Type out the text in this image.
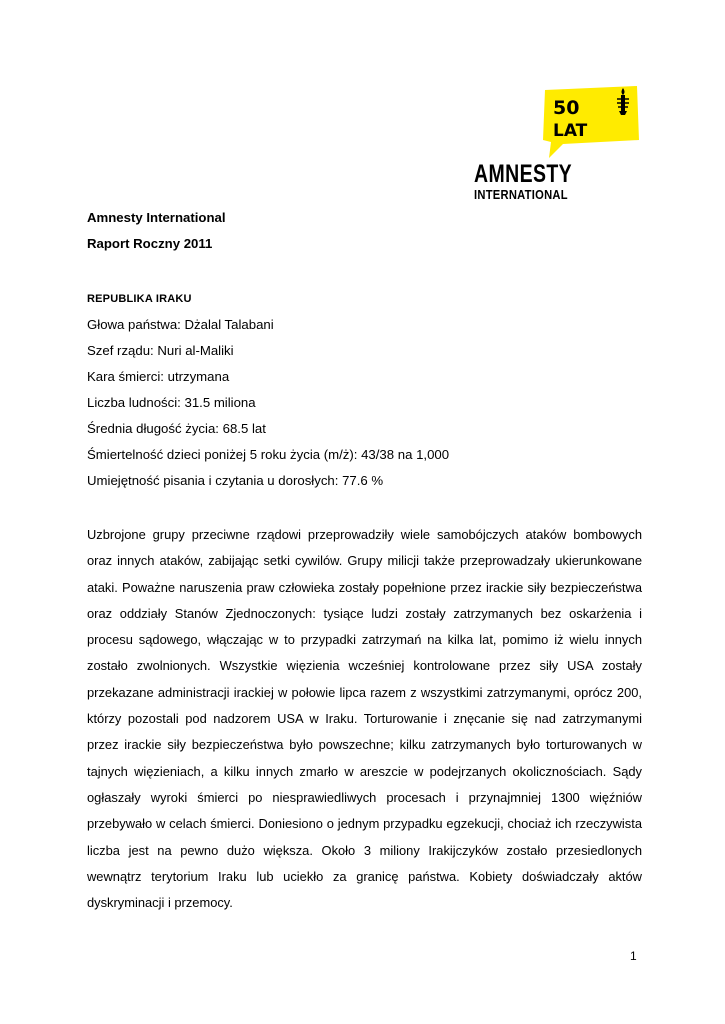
50
LAT
AMNESTY
INTERNATIONAL
Amnesty International
Raport Roczny 2011
REPUBLIKA IRAKU
Głowa państwa: Dżalal Talabani
Szef rządu: Nuri al-Maliki
Kara śmierci: utrzymana
Liczba ludności: 31.5 miliona
Średnia długość życia: 68.5 lat
Śmiertelność dzieci poniżej 5 roku życia (m/ż): 43/38 na 1,000
Umiejętność pisania i czytania u dorosłych: 77.6 %
Uzbrojone grupy przeciwne rządowi przeprowadziły wiele samobójczych ataków bombowych oraz innych ataków, zabijając setki cywilów. Grupy milicji także przeprowadzały ukierunkowane ataki. Poważne naruszenia praw człowieka zostały popełnione przez irackie siły bezpieczeństwa oraz oddziały Stanów Zjednoczonych: tysiące ludzi zostały zatrzymanych bez oskarżenia i procesu sądowego, włączając w to przypadki zatrzymań na kilka lat, pomimo iż wielu innych zostało zwolnionych. Wszystkie więzienia wcześniej kontrolowane przez siły USA zostały przekazane administracji irackiej w połowie lipca razem z wszystkimi zatrzymanymi, oprócz 200, którzy pozostali pod nadzorem USA w Iraku. Torturowanie i znęcanie się nad zatrzymanymi przez irackie siły bezpieczeństwa było powszechne; kilku zatrzymanych było torturowanych w tajnych więzieniach, a kilku innych zmarło w areszcie w podejrzanych okolicznościach. Sądy ogłaszały wyroki śmierci po niesprawiedliwych procesach i przynajmniej 1300 więźniów przebywało w celach śmierci. Doniesiono o jednym przypadku egzekucji, chociaż ich rzeczywista liczba jest na pewno dużo większa. Około 3 miliony Irakijczyków zostało przesiedlonych wewnątrz terytorium Iraku lub uciekło za granicę państwa. Kobiety doświadczały aktów dyskryminacji i przemocy.
1
